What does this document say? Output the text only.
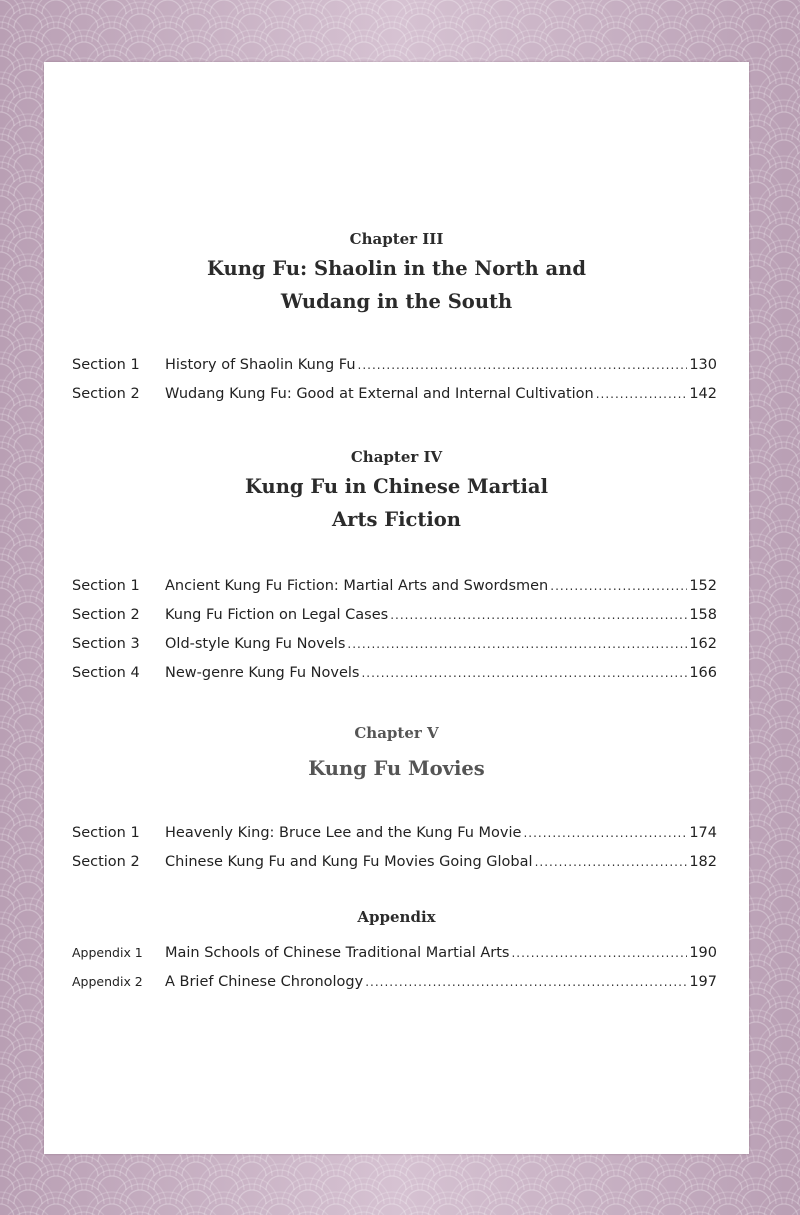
Chapter III
Kung Fu: Shaolin in the North and
Wudang in the South
Section 1	History of Shaolin Kung Fu .....	130
Section 2	Wudang Kung Fu: Good at External and Internal Cultivation .....	142
Chapter IV
Kung Fu in Chinese Martial
Arts Fiction
Section 1	Ancient Kung Fu Fiction: Martial Arts and Swordsmen .....	152
Section 2	Kung Fu Fiction on Legal Cases .....	158
Section 3	Old-style Kung Fu Novels .....	162
Section 4	New-genre Kung Fu Novels .....	166
Chapter V
Kung Fu Movies
Section 1	Heavenly King: Bruce Lee and the Kung Fu Movie .....	174
Section 2	Chinese Kung Fu and Kung Fu Movies Going Global .....	182
Appendix
Appendix 1	Main Schools of Chinese Traditional Martial Arts .....	190
Appendix 2	A Brief Chinese Chronology .....	197
